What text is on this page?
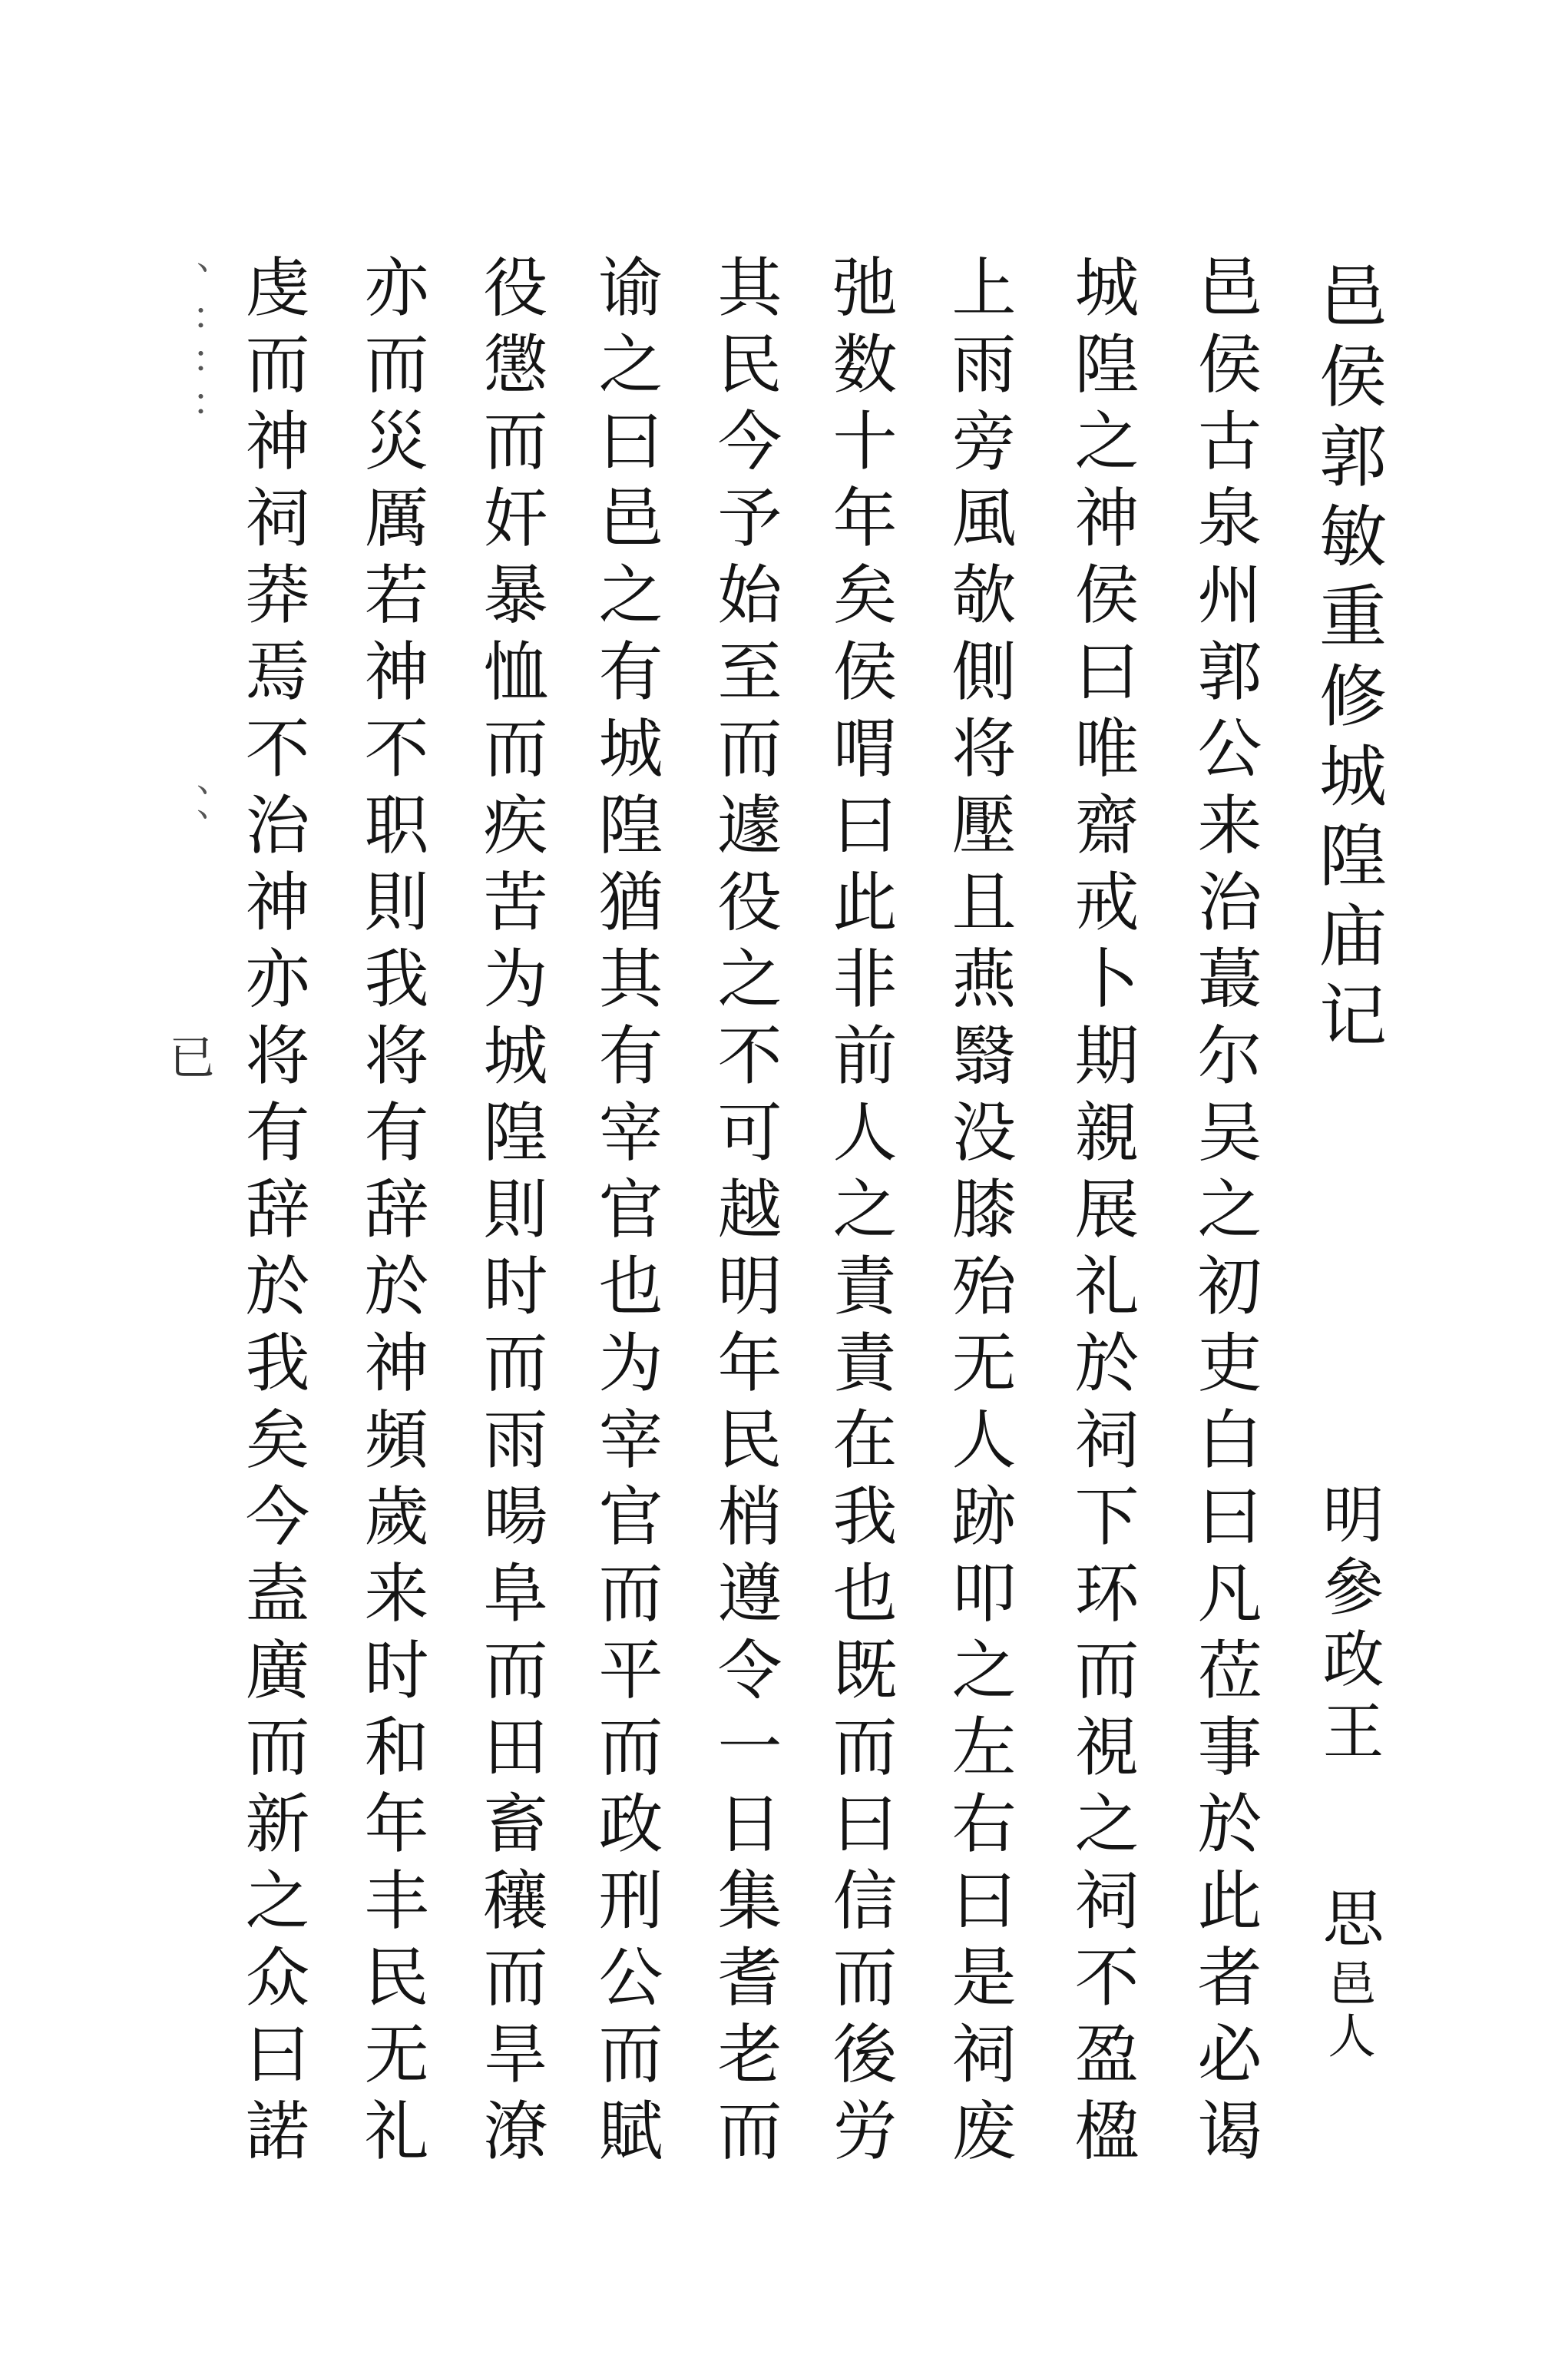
邑侯郭敏重修城隍庙记
明參政王思邑人
邑侯古泉州郭公来治蕞尔吴之初吏白曰凡莅事於此者必谒
城隍之神侯曰唯齋戒卜期親展礼於祠下环而視之祠不盈楹
上雨旁風欹側将壓且燕翳没膝殆无人跡叩之左右曰是祠废
弛数十年矣侯喟曰此非前人之責責在我也既而曰信而後労
其民今予始至而遽役之不可越明年民梢遵令一日集耆老而
谕之曰邑之有城隍猶其有宰官也为宰官而平而政刑公而賦
役懲而奸暴恤而疾苦为城隍則时而雨暘阜而田畜穰而旱潦
亦而災厲若神不职則我将有辞於神頻歲来时和年丰民无礼
虔而神祠莽焉不治神亦将有辞於我矣今盍廣而新之众曰諾
、：：：
、、
已
